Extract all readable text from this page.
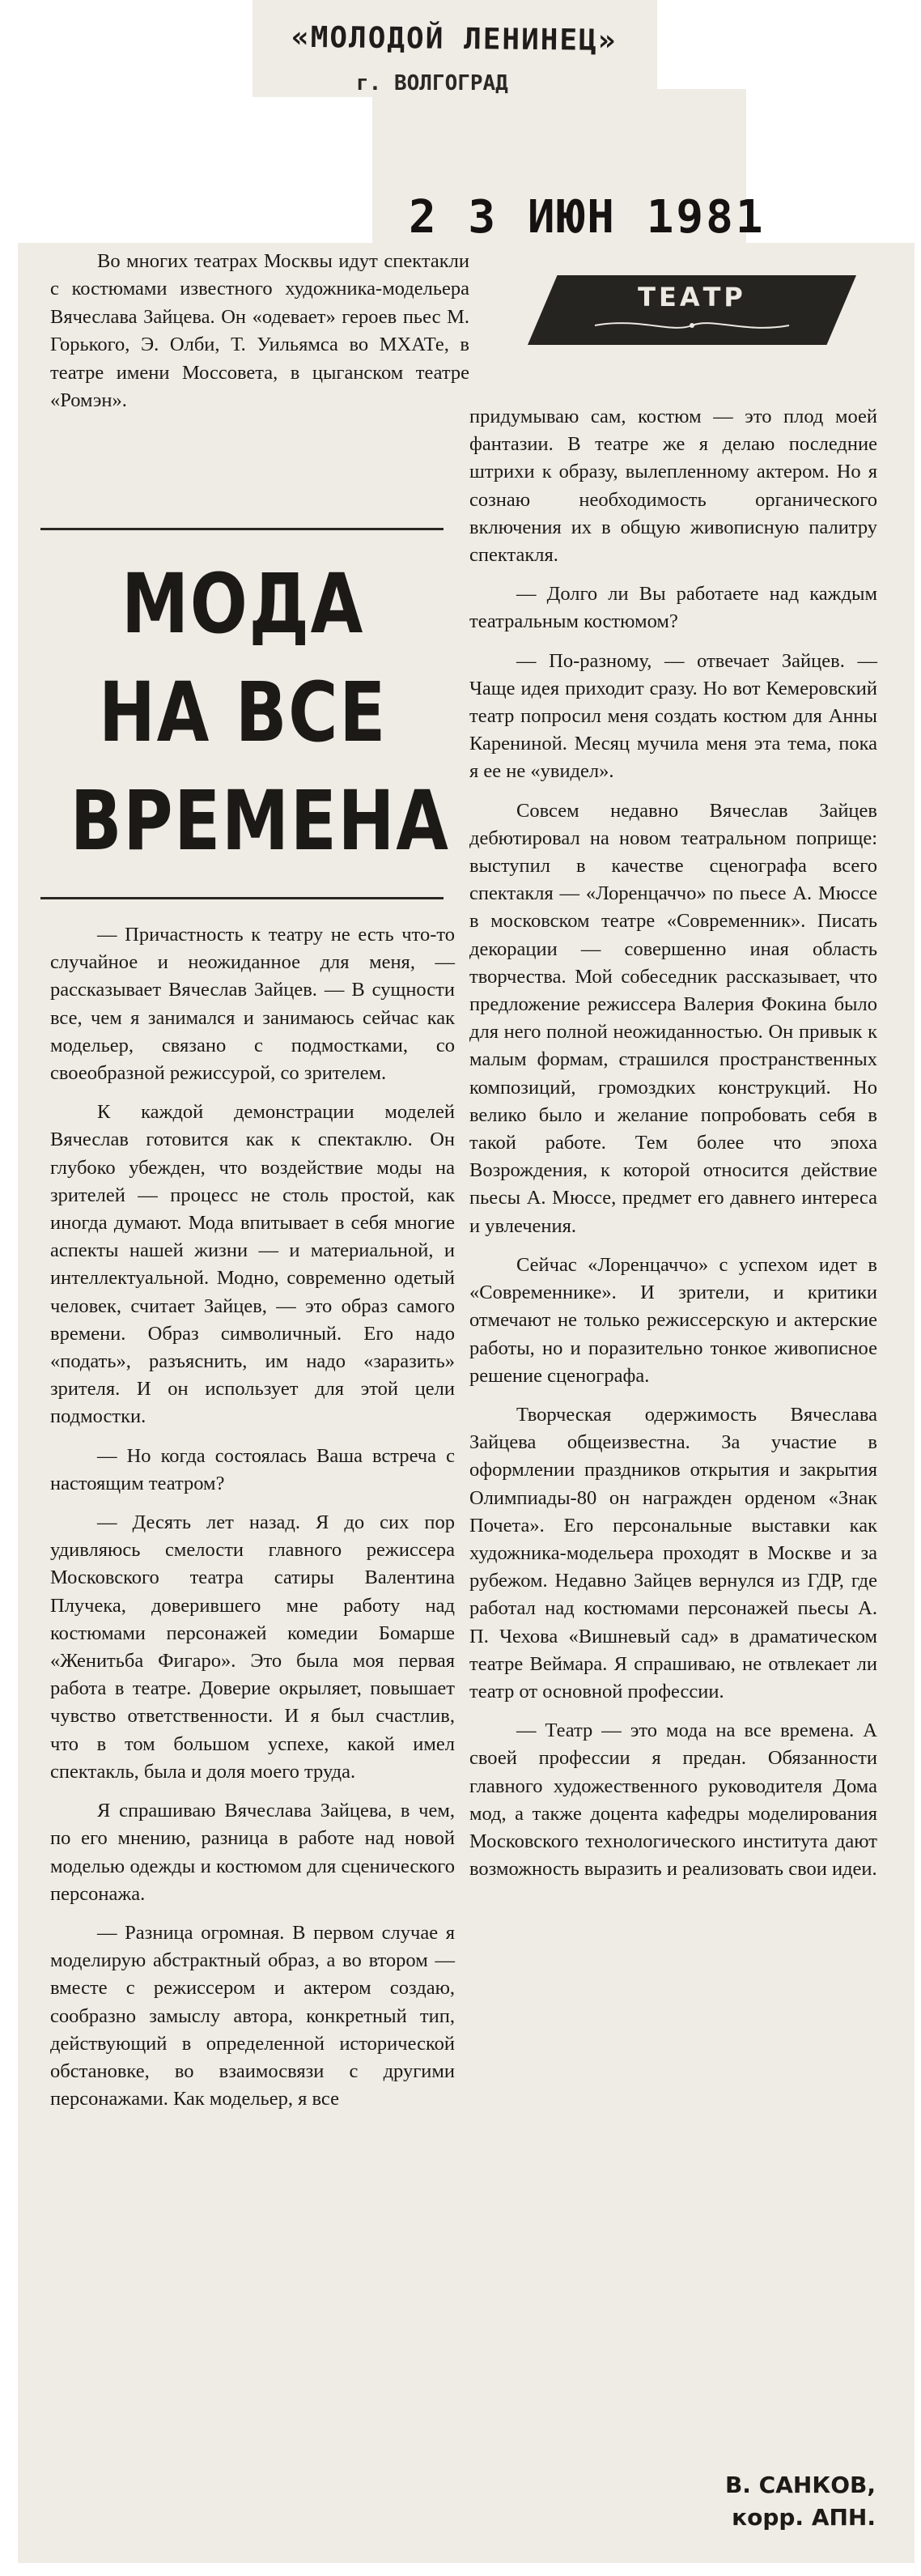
«МОЛОДОЙ ЛЕНИНЕЦ»
г. ВОЛГОГРАД
2 3 ИЮН 1981

Во многих театрах Москвы идут спектакли с костюмами известного художника-модельера Вячеслава Зайцева. Он «одевает» героев пьес М. Горького, Э. Олби, Т. Уильямса во МХАТе, в театре имени Моссовета, в цыганском театре «Ромэн».

МОДА
НА ВСЕ
ВРЕМЕНА
ТЕАТР

— Причастность к театру не есть что-то случайное и неожиданное для меня, — рассказывает Вячеслав Зайцев. — В сущности все, чем я занимался и занимаюсь сейчас как модельер, связано с подмостками, со своеобразной режиссурой, со зрителем.

К каждой демонстрации моделей Вячеслав готовится как к спектаклю. Он глубоко убежден, что воздействие моды на зрителей — процесс не столь простой, как иногда думают. Мода впитывает в себя многие аспекты нашей жизни — и материальной, и интеллектуальной. Модно, современно одетый человек, считает Зайцев, — это образ самого времени. Образ символичный. Его надо «подать», разъяснить, им надо «заразить» зрителя. И он использует для этой цели подмостки.

— Но когда состоялась Ваша встреча с настоящим театром?

— Десять лет назад. Я до сих пор удивляюсь смелости главного режиссера Московского театра сатиры Валентина Плучека, доверившего мне работу над костюмами персонажей комедии Бомарше «Женитьба Фигаро». Это была моя первая работа в театре. Доверие окрыляет, повышает чувство ответственности. И я был счастлив, что в том большом успехе, какой имел спектакль, была и доля моего труда.

Я спрашиваю Вячеслава Зайцева, в чем, по его мнению, разница в работе над новой моделью одежды и костюмом для сценического персонажа.

— Разница огромная. В первом случае я моделирую абстрактный образ, а во втором — вместе с режиссером и актером создаю, сообразно замыслу автора, конкретный тип, действующий в определенной исторической обстановке, во взаимосвязи с другими персонажами. Как модельер, я все

придумываю сам, костюм — это плод моей фантазии. В театре же я делаю последние штрихи к образу, вылепленному актером. Но я сознаю необходимость органического включения их в общую живописную палитру спектакля.

— Долго ли Вы работаете над каждым театральным костюмом?

— По-разному, — отвечает Зайцев. — Чаще идея приходит сразу. Но вот Кемеровский театр попросил меня создать костюм для Анны Карениной. Месяц мучила меня эта тема, пока я ее не «увидел».

Совсем недавно Вячеслав Зайцев дебютировал на новом театральном поприще: выступил в качестве сценографа всего спектакля — «Лоренцаччо» по пьесе А. Мюссе в московском театре «Современник». Писать декорации — совершенно иная область творчества. Мой собеседник рассказывает, что предложение режиссера Валерия Фокина было для него полной неожиданностью. Он привык к малым формам, страшился пространственных композиций, громоздких конструкций. Но велико было и желание попробовать себя в такой работе. Тем более что эпоха Возрождения, к которой относится действие пьесы А. Мюссе, предмет его давнего интереса и увлечения.

Сейчас «Лоренцаччо» с успехом идет в «Современнике». И зрители, и критики отмечают не только режиссерскую и актерские работы, но и поразительно тонкое живописное решение сценографа.

Творческая одержимость Вячеслава Зайцева общеизвестна. За участие в оформлении праздников открытия и закрытия Олимпиады-80 он награжден орденом «Знак Почета». Его персональные выставки как художника-модельера проходят в Москве и за рубежом. Недавно Зайцев вернулся из ГДР, где работал над костюмами персонажей пьесы А. П. Чехова «Вишневый сад» в драматическом театре Веймара. Я спрашиваю, не отвлекает ли театр от основной профессии.

— Театр — это мода на все времена. А своей профессии я предан. Обязанности главного художественного руководителя Дома мод, а также доцента кафедры моделирования Московского технологического института дают возможность выразить и реализовать свои идеи.

В. САНКОВ,
корр. АПН.
